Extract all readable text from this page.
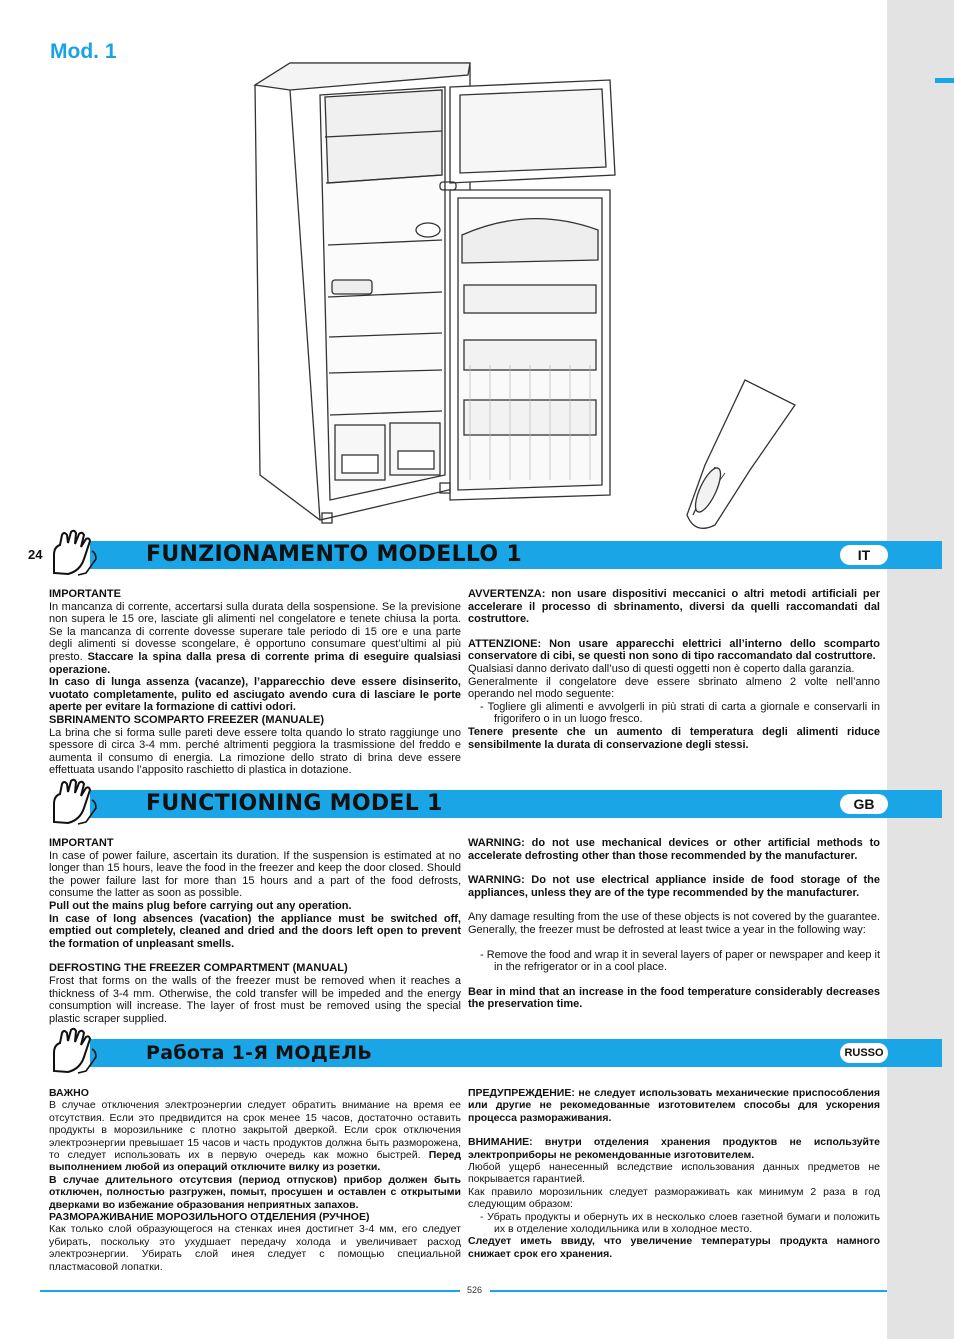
Mod. 1
24	FUNZIONAMENTO MODELLO 1	IT

IMPORTANTE

In mancanza di corrente, accertarsi sulla durata della sospensione. Se la previsione non supera le 15 ore, lasciate gli alimenti nel congelatore e tenete chiusa la porta. Se la mancanza di corrente dovesse superare tale periodo di 15 ore e una parte degli alimenti si dovesse scongelare, è opportuno consumare quest’ultimi al più presto. Staccare la spina dalla presa di corrente prima di eseguire qualsiasi operazione.

In caso di lunga assenza (vacanze), l’apparecchio deve essere disinserito, vuotato completamente, pulito ed asciugato avendo cura di lasciare le porte aperte per evitare la formazione di cattivi odori.

SBRINAMENTO SCOMPARTO FREEZER (MANUALE)

La brina che si forma sulle pareti deve essere tolta quando lo strato raggiunge uno spessore di circa 3-4 mm. perché altrimenti peggiora la trasmissione del freddo e aumenta il consumo di energia. La rimozione dello strato di brina deve essere effettuata usando l’apposito raschietto di plastica in dotazione.

AVVERTENZA: non usare dispositivi meccanici o altri metodi artificiali per accelerare il processo di sbrinamento, diversi da quelli raccomandati dal costruttore.

ATTENZIONE: Non usare apparecchi elettrici all’interno dello scomparto conservatore di cibi, se questi non sono di tipo raccomandato dal costruttore.

Qualsiasi danno derivato dall’uso di questi oggetti non è coperto dalla garanzia.

Generalmente il congelatore deve essere sbrinato almeno 2 volte nell’anno operando nel modo seguente:

- Togliere gli alimenti e avvolgerli in più strati di carta a giornale e conservarli in frigorifero o in un luogo fresco.

Tenere presente che un aumento di temperatura degli alimenti riduce sensibilmente la durata di conservazione degli stessi.

FUNCTIONING MODEL 1	GB

IMPORTANT

In case of power failure, ascertain its duration. If the suspension is estimated at no longer than 15 hours, leave the food in the freezer and keep the door closed. Should the power failure last for more than 15 hours and a part of the food defrosts, consume the latter as soon as possible.

Pull out the mains plug before carrying out any operation.

In case of long absences (vacation) the appliance must be switched off, emptied out completely, cleaned and dried and the doors left open to prevent the formation of unpleasant smells.

DEFROSTING THE FREEZER COMPARTMENT (MANUAL)

Frost that forms on the walls of the freezer must be removed when it reaches a thickness of 3-4 mm. Otherwise, the cold transfer will be impeded and the energy consumption will increase. The layer of frost must be removed using the special plastic scraper supplied.

WARNING: do not use mechanical devices or other artificial methods to accelerate defrosting other than those recommended by the manufacturer.

WARNING: Do not use electrical appliance inside de food storage of the appliances, unless they are of the type recommended by the manufacturer.

Any damage resulting from the use of these objects is not covered by the guarantee. Generally, the freezer must be defrosted at least twice a year in the following way:

- Remove the food and wrap it in several layers of paper or newspaper and keep it in the refrigerator or in a cool place.

Bear in mind that an increase in the food temperature considerably decreases the preservation time.

Работа 1-Я МОДЕЛЬ	RUSSO

ВАЖНО

В случае отключения электроэнергии следует обратить внимание на время ее отсутствия. Если это предвидится на срок менее 15 часов, достаточно оставить продукты в морозильнике с плотно закрытой дверкой. Если срок отключения электроэнергии превышает 15 часов и часть продуктов должна быть разморожена, то следует использовать их в первую очередь как можно быстрей. Перед выполнением любой из операций отключите вилку из розетки.

В случае длительного отсутсвия (период отпусков) прибор должен быть отключен, полностью разгружен, помыт, просушен и оставлен с открытыми дверками во избежание образования неприятных запахов.

РАЗМОРАЖИВАНИЕ МОРОЗИЛЬНОГО ОТДЕЛЕНИЯ (РУЧНОЕ)

Как только слой образующегося на стенках инея достигнет 3-4 мм, его следует убирать, поскольку это ухудшает передачу холода и увеличивает расход электроэнергии. Убирать слой инея следует с помощью специальной пластмасовой лопатки.

ПРЕДУПРЕЖДЕНИЕ: не следует использовать механические приспособления или другие не рекомедованные изготовителем способы для ускорения процесса размораживания.

ВНИМАНИЕ: внутри отделения хранения продуктов не используйте электроприборы не рекомендованные изготовителем.

Любой ущерб нанесенный вследствие использования данных предметов не покрывается гарантией.

Как правило морозильник следует размораживать как минимум 2 раза в год следующим образом:

- Убрать продукты и обернуть их в несколько слоев газетной бумаги и положить их в отделение холодильника или в холодное место.

Следует иметь ввиду, что увеличение температуры продукта намного снижает срок его хранения.

526
